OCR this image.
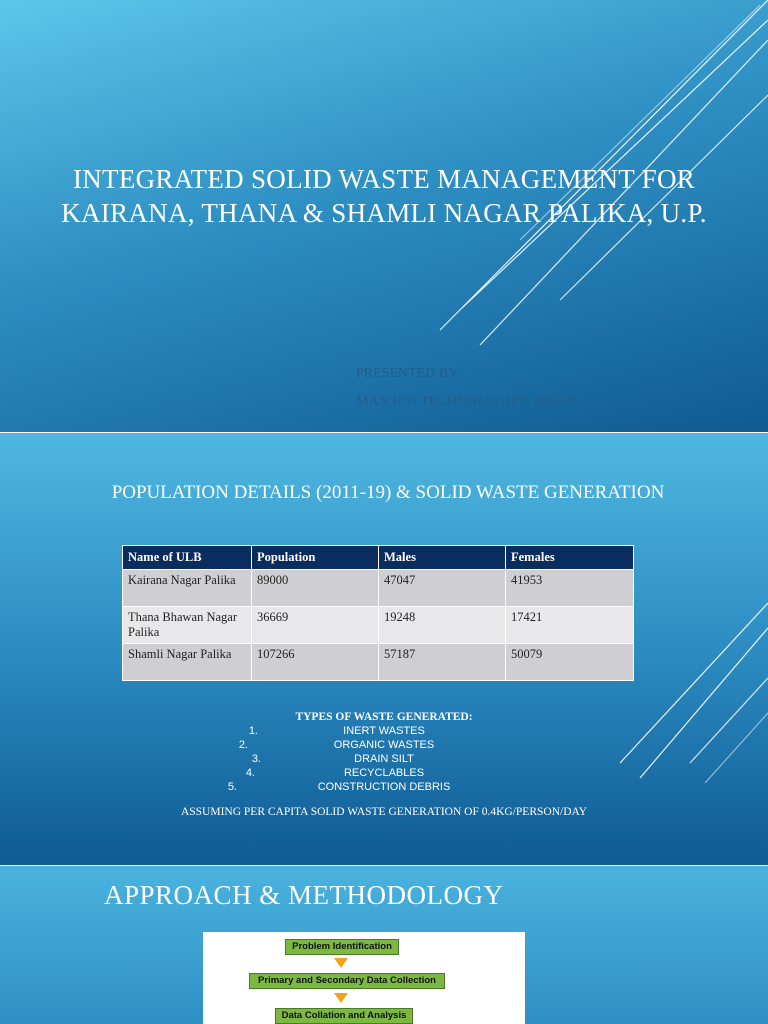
INTEGRATED SOLID WASTE MANAGEMENT FOR
KAIRANA, THANA & SHAMLI NAGAR PALIKA, U.P.
PRESENTED BY:
MAX ION TECHNOLOGIES, DELHI
POPULATION DETAILS (2011-19) & SOLID WASTE GENERATION
Name of ULB	Population	Males	Females
Kairana Nagar Palika	89000	47047	41953
Thana Bhawan Nagar Palika	36669	19248	17421
Shamli Nagar Palika	107266	57187	50079
TYPES OF WASTE GENERATED:
1.	INERT WASTES
2.	ORGANIC WASTES
3.	DRAIN SILT
4.	RECYCLABLES
5.	CONSTRUCTION DEBRIS
ASSUMING PER CAPITA SOLID WASTE GENERATION OF 0.4KG/PERSON/DAY
APPROACH & METHODOLOGY
Problem Identification
Primary and Secondary Data Collection
Data Collation and Analysis
